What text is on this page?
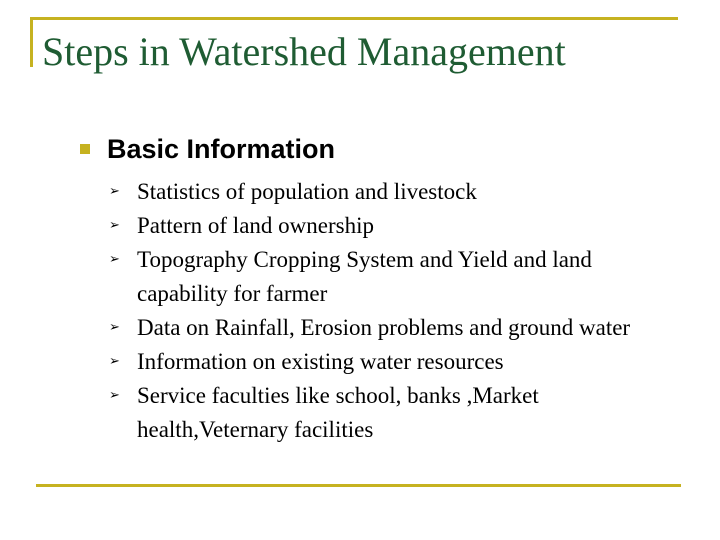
Steps in Watershed Management
Basic Information
➢ Statistics of population and livestock
➢ Pattern of land ownership
➢ Topography Cropping System and Yield and land capability for farmer
➢ Data on Rainfall, Erosion problems and ground water
➢ Information on existing water resources
➢ Service faculties like school, banks ,Market health,Veternary facilities
